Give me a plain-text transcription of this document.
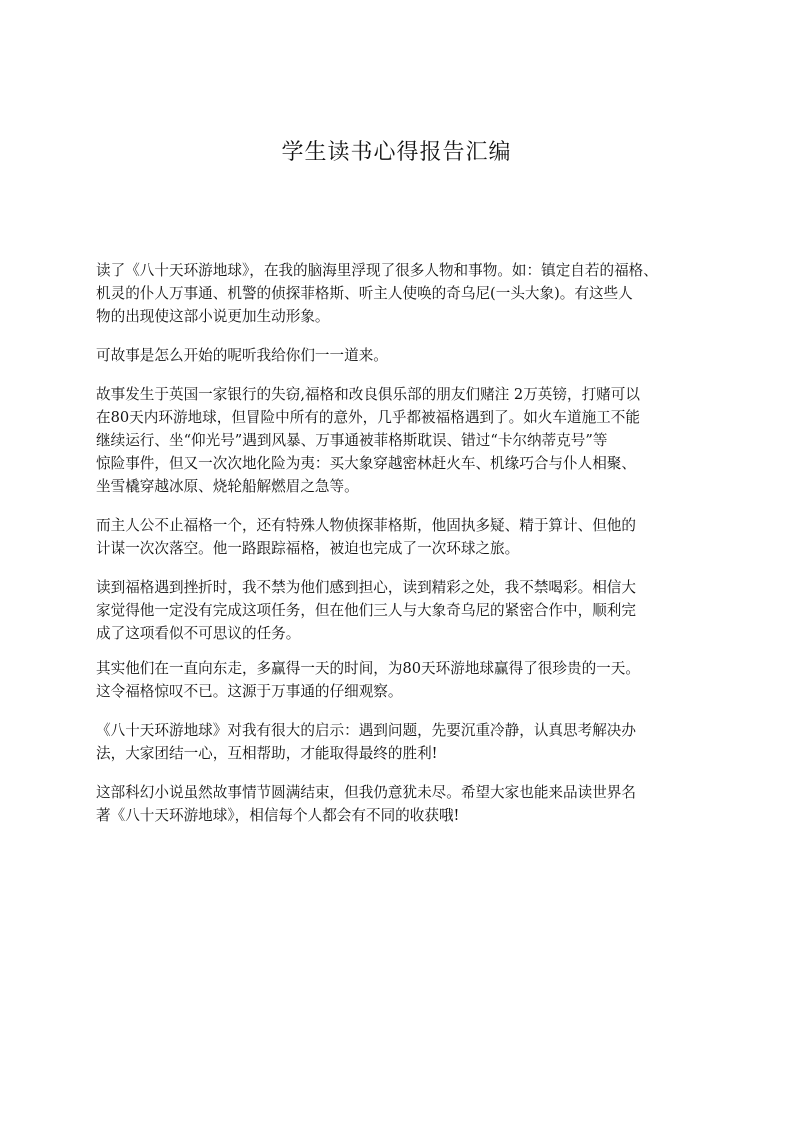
学生读书心得报告汇编
读了《八十天环游地球》，在我的脑海里浮现了很多人物和事物。如：镇定自若的福格、
机灵的仆人万事通、机警的侦探菲格斯、听主人使唤的奇乌尼(一头大象)。有这些人
物的出现使这部小说更加生动形象。
可故事是怎么开始的呢听我给你们一一道来。
故事发生于英国一家银行的失窃,福格和改良俱乐部的朋友们赌注 2万英镑，打赌可以
在80天内环游地球，但冒险中所有的意外，几乎都被福格遇到了。如火车道施工不能
继续运行、坐“仰光号”遇到风暴、万事通被菲格斯耽误、错过“卡尔纳蒂克号”等
惊险事件，但又一次次地化险为夷：买大象穿越密林赶火车、机缘巧合与仆人相聚、
坐雪橇穿越冰原、烧轮船解燃眉之急等。
而主人公不止福格一个，还有特殊人物侦探菲格斯，他固执多疑、精于算计、但他的
计谋一次次落空。他一路跟踪福格，被迫也完成了一次环球之旅。
读到福格遇到挫折时，我不禁为他们感到担心，读到精彩之处，我不禁喝彩。相信大
家觉得他一定没有完成这项任务，但在他们三人与大象奇乌尼的紧密合作中，顺利完
成了这项看似不可思议的任务。
其实他们在一直向东走，多赢得一天的时间，为80天环游地球赢得了很珍贵的一天。
这令福格惊叹不已。这源于万事通的仔细观察。
《八十天环游地球》对我有很大的启示：遇到问题，先要沉重冷静，认真思考解决办
法，大家团结一心，互相帮助，才能取得最终的胜利!
这部科幻小说虽然故事情节圆满结束，但我仍意犹未尽。希望大家也能来品读世界名
著《八十天环游地球》，相信每个人都会有不同的收获哦!
